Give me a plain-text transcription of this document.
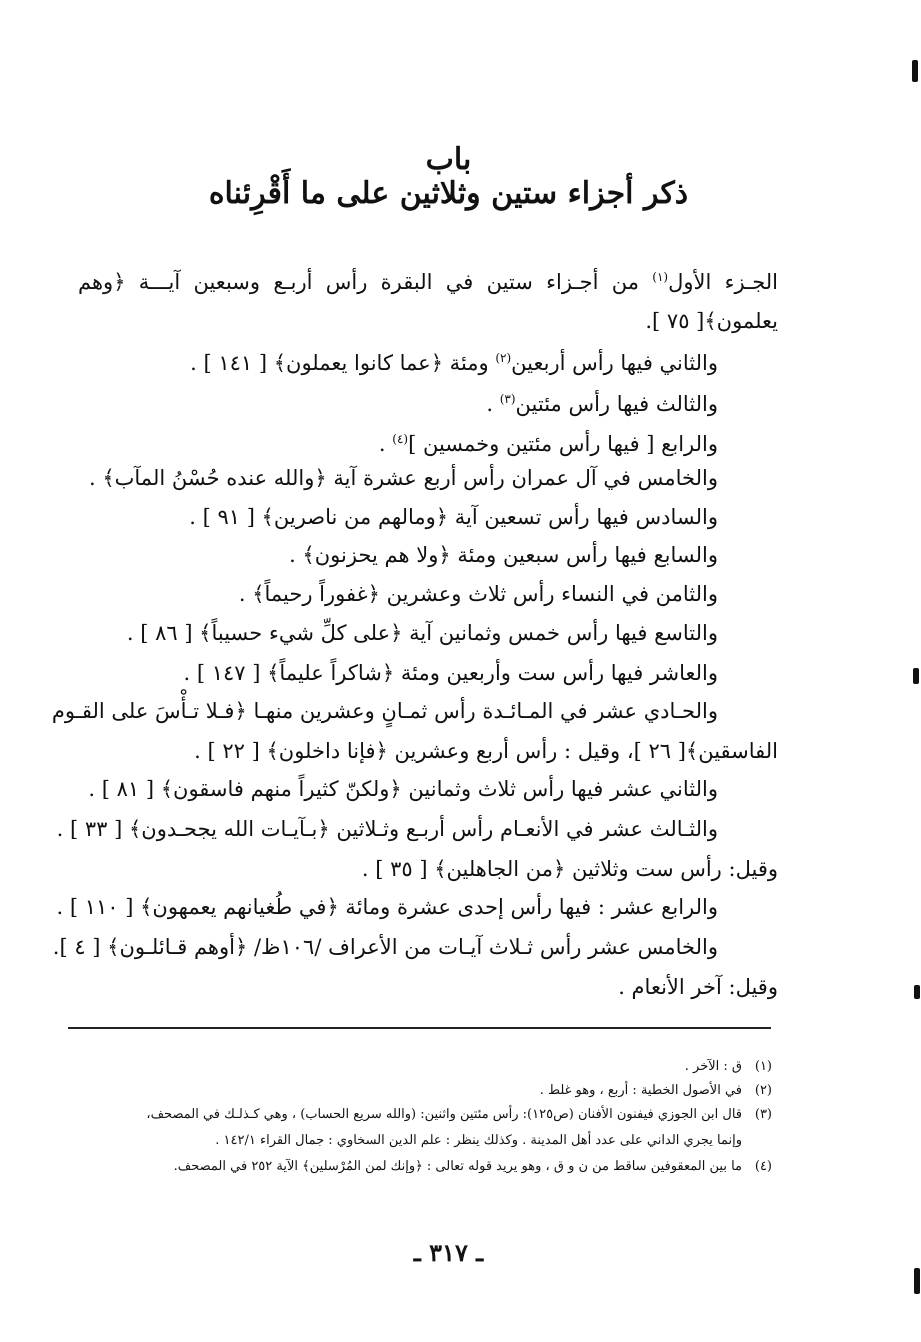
باب
ذكر أجزاء ستين وثلاثين على ما أَقْرِئناه
الجـزء الأول$^{(١)}$ من أجـزاء ستين في البقرة رأس أربـع وسبعين آيـــة ﴿وهم
يعلمون﴾[ ٧٥ ].
والثاني فيها رأس أربعين$^{(٢)}$ ومئة ﴿عما كانوا يعملون﴾ [ ١٤١ ] .
والثالث فيها رأس مئتين$^{(٣)}$ .
والرابع [ فيها رأس مئتين وخمسين ]$^{(٤)}$ .
والخامس في آل عمران رأس أربع عشرة آية ﴿والله عنده حُسْنُ المآب﴾ .
والسادس فيها رأس تسعين آية ﴿ومالهم من ناصرين﴾ [ ٩١ ] .
والسابع فيها رأس سبعين ومئة ﴿ولا هم يحزنون﴾ .
والثامن في النساء رأس ثلاث وعشرين ﴿غفوراً رحيماً﴾ .
والتاسع فيها رأس خمس وثمانين آية ﴿على كلِّ شيء حسيباً﴾ [ ٨٦ ] .
والعاشر فيها رأس ست وأربعين ومئة ﴿شاكراً عليماً﴾ [ ١٤٧ ] .
والحـادي عشر في المـائـدة رأس ثمـانٍ وعشرين منهـا ﴿فـلا تـأْسَ على القـوم
الفاسقين﴾[ ٢٦ ]، وقيل : رأس أربع وعشرين ﴿فإنا داخلون﴾ [ ٢٢ ] .
والثاني عشر فيها رأس ثلاث وثمانين ﴿ولكنّ كثيراً منهم فاسقون﴾ [ ٨١ ] .
والثـالث عشر في الأنعـام رأس أربـع وثـلاثين ﴿بـآيـات الله يجحـدون﴾ [ ٣٣ ] .
وقيل: رأس ست وثلاثين ﴿من الجاهلين﴾ [ ٣٥ ] .
والرابع عشر : فيها رأس إحدى عشرة ومائة ﴿في طُغيانهم يعمهون﴾ [ ١١٠ ] .
والخامس عشر رأس ثـلاث آيـات من الأعراف /١٠٦ظ/ ﴿أوهم قـائلـون﴾ [ ٤ ].
وقيل: آخر الأنعام .
(١)ق : الآخر .
(٢)في الأصول الخطية : أربع ، وهو غلط .
(٣)قال ابن الجوزي فيفنون الأفنان (ص١٢٥): رأس مئتين واثنين: (والله سريع الحساب) ، وهي كـذلـك في المصحف،
وإنما يجري الداني على عدد أهل المدينة . وكذلك ينظر : علم الدين السخاوي : جمال القراء ١٤٢/١ .
(٤)ما بين المعقوفين ساقط من ن و ق ، وهو يريد قوله تعالى : ﴿وإنك لمن المُرْسلين﴾ الآية ٢٥٢ في المصحف.
ـ ٣١٧ ـ
